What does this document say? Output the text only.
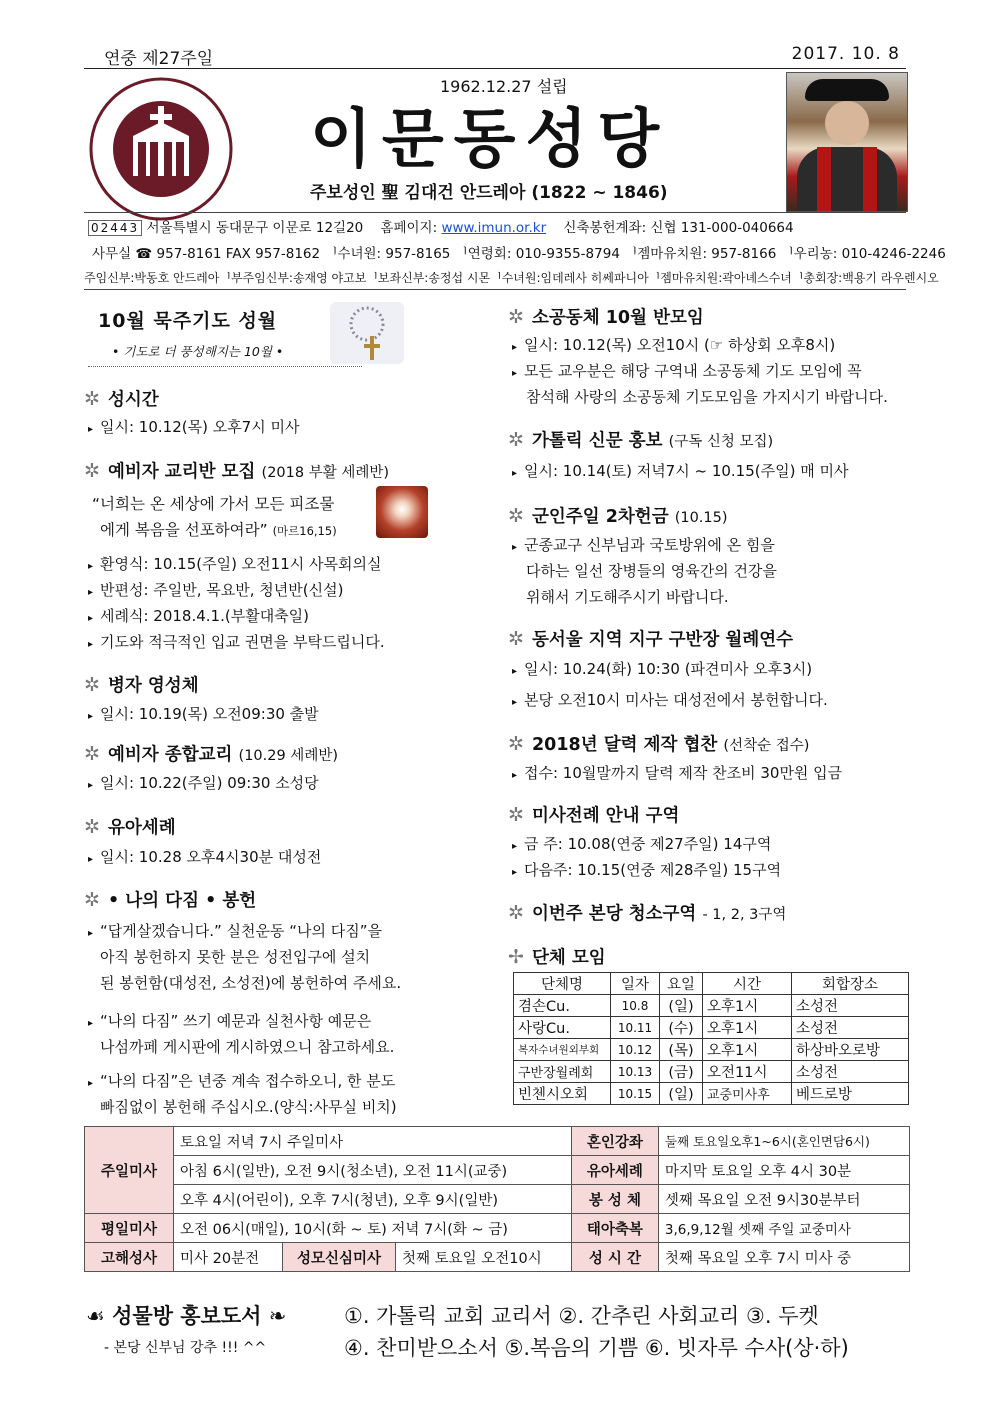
연중 제27주일	2017. 10. 8
1962.12.27 설립
이문동성당
주보성인 聖 김대건 안드레아 (1822 ~ 1846)
02443 서울특별시 동대문구 이문로 12길20 홈페이지: www.imun.or.kr 신축봉헌계좌: 신협 131-000-040664
사무실 ☎ 957-8161 FAX 957-8162 ᅵ수녀원: 957-8165 ᅵ연령회: 010-9355-8794 ᅵ젬마유치원: 957-8166 ᅵ우리농: 010-4246-2246
주임신부:박동호 안드레아ᅵ부주임신부:송재영 야고보ᅵ보좌신부:송정섭 시몬ᅵ수녀원:임데레사 히쎄파니아ᅵ젬마유치원:곽아녜스수녀ᅵ총회장:백용기 라우렌시오
10월 묵주기도 성월
• 기도로 더 풍성해지는 10월 •
✲ 성시간
▸ 일시: 10.12(목) 오후7시 미사
✲ 예비자 교리반 모집 (2018 부활 세례반)
“너희는 온 세상에 가서 모든 피조물
에게 복음을 선포하여라” (마르16,15)
▸ 환영식: 10.15(주일) 오전11시 사목회의실
▸ 반편성: 주일반, 목요반, 청년반(신설)
▸ 세례식: 2018.4.1.(부활대축일)
▸ 기도와 적극적인 입교 권면을 부탁드립니다.
✲ 병자 영성체
▸ 일시: 10.19(목) 오전09:30 출발
✲ 예비자 종합교리 (10.29 세례반)
▸ 일시: 10.22(주일) 09:30 소성당
✲ 유아세례
▸ 일시: 10.28 오후4시30분 대성전
✲ • 나의 다짐 • 봉헌
▸ “답게살겠습니다.” 실천운동 “나의 다짐”을
아직 봉헌하지 못한 분은 성전입구에 설치
된 봉헌함(대성전, 소성전)에 봉헌하여 주세요.
▸ “나의 다짐” 쓰기 예문과 실천사항 예문은
나섬까페 게시판에 게시하였으니 참고하세요.
▸ “나의 다짐”은 년중 계속 접수하오니, 한 분도
빠짐없이 봉헌해 주십시오.(양식:사무실 비치)
✲ 소공동체 10월 반모임
▸ 일시: 10.12(목) 오전10시 (☞ 하상회 오후8시)
▸ 모든 교우분은 해당 구역내 소공동체 기도 모임에 꼭
참석해 사랑의 소공동체 기도모임을 가지시기 바랍니다.
✲ 가톨릭 신문 홍보 (구독 신청 모집)
▸ 일시: 10.14(토) 저녁7시 ~ 10.15(주일) 매 미사
✲ 군인주일 2차헌금 (10.15)
▸ 군종교구 신부님과 국토방위에 온 힘을
다하는 일선 장병들의 영육간의 건강을
위해서 기도해주시기 바랍니다.
✲ 동서울 지역 지구 구반장 월례연수
▸ 일시: 10.24(화) 10:30 (파견미사 오후3시)
▸ 본당 오전10시 미사는 대성전에서 봉헌합니다.
✲ 2018년 달력 제작 협찬 (선착순 접수)
▸ 접수: 10월말까지 달력 제작 찬조비 30만원 입금
✲ 미사전례 안내 구역
▸ 금 주: 10.08(연중 제27주일) 14구역
▸ 다음주: 10.15(연중 제28주일) 15구역
✲ 이번주 본당 청소구역 - 1, 2, 3구역
✢ 단체 모임
단체명	일자	요일	시간	회합장소
겸손Cu.	10.8	(일)	오후1시	소성전
사랑Cu.	10.11	(수)	오후1시	소성전
복자수녀원외부회	10.12	(목)	오후1시	하상바오로방
구반장월례회	10.13	(금)	오전11시	소성전
빈첸시오회	10.15	(일)	교중미사후	베드로방
주일미사	토요일 저녁 7시 주일미사			혼인강좌	둘째 토요일오후1~6시(혼인면담6시)
	아침 6시(일반), 오전 9시(청소년), 오전 11시(교중)			유아세례	마지막 토요일 오후 4시 30분
	오후 4시(어린이), 오후 7시(청년), 오후 9시(일반)			봉 성 체	셋째 목요일 오전 9시30분부터
평일미사	오전 06시(매일), 10시(화 ~ 토) 저녁 7시(화 ~ 금)			태아축복	3,6,9,12월 셋째 주일 교중미사
고해성사	미사 20분전	성모신심미사	첫째 토요일 오전10시	성 시 간	첫째 목요일 오후 7시 미사 중
☙ 성물방 홍보도서 ❧
- 본당 신부님 강추 !!! ^^
①. 가톨릭 교회 교리서 ②. 간추린 사회교리 ③. 두켓
④. 찬미받으소서 ⑤.복음의 기쁨 ⑥. 빗자루 수사(상·하)
